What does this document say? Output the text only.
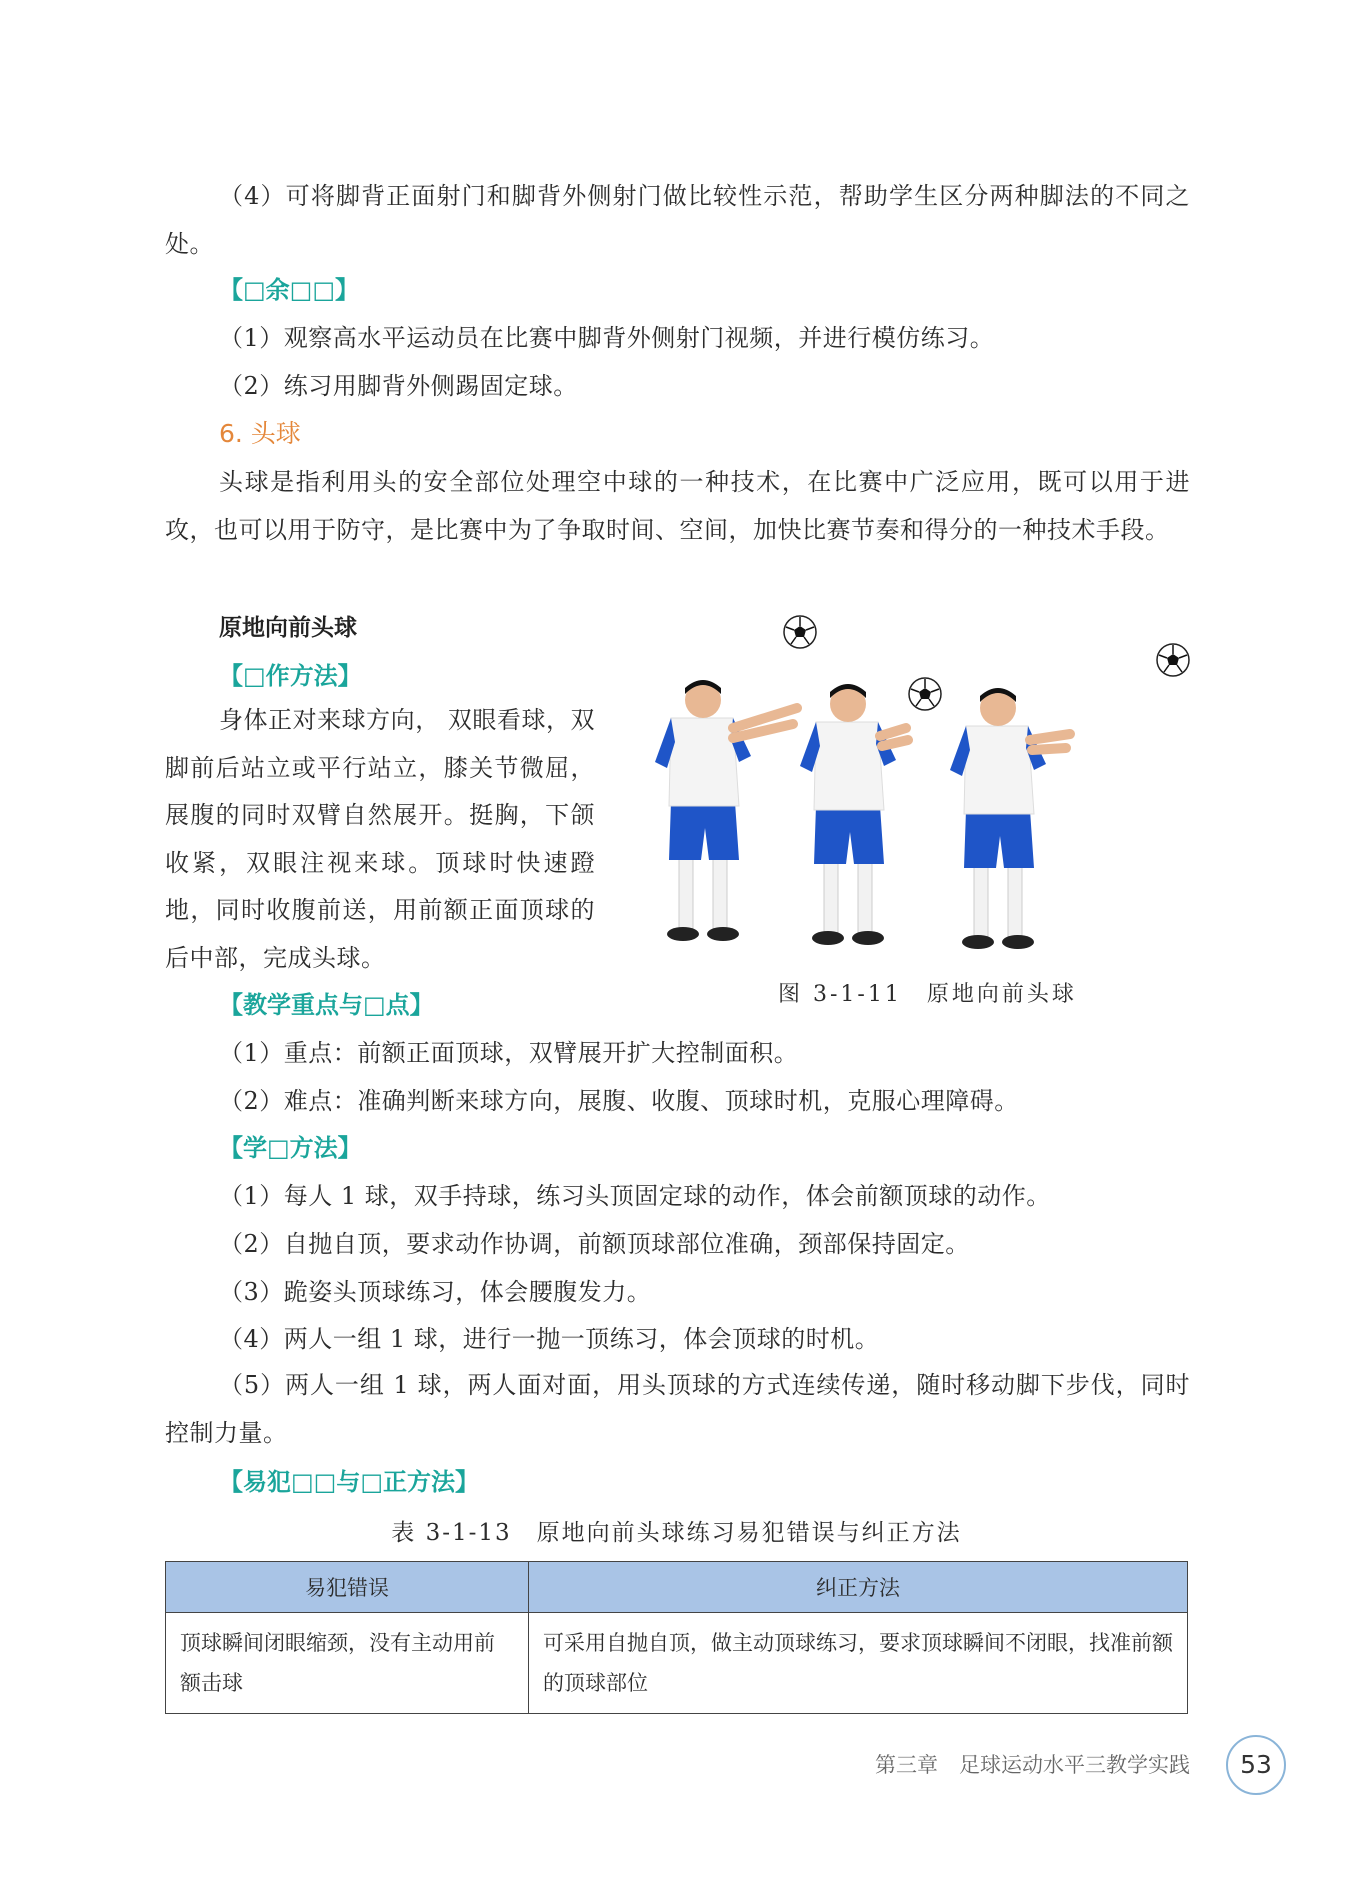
（4）可将脚背正面射门和脚背外侧射门做比较性示范，帮助学生区分两种脚法的不同之处。

【□余□□】

（1）观察高水平运动员在比赛中脚背外侧射门视频，并进行模仿练习。

（2）练习用脚背外侧踢固定球。

6. 头球

头球是指利用头的安全部位处理空中球的一种技术，在比赛中广泛应用，既可以用于进攻，也可以用于防守，是比赛中为了争取时间、空间，加快比赛节奏和得分的一种技术手段。

原地向前头球

【□作方法】

身体正对来球方向， 双眼看球，双脚前后站立或平行站立，膝关节微屈，展腹的同时双臂自然展开。挺胸，下颌收紧，双眼注视来球。顶球时快速蹬地，同时收腹前送，用前额正面顶球的后中部，完成头球。

图 3-1-11　原地向前头球

【教学重点与□点】

（1）重点：前额正面顶球，双臂展开扩大控制面积。

（2）难点：准确判断来球方向，展腹、收腹、顶球时机，克服心理障碍。

【学□方法】

（1）每人 1 球，双手持球，练习头顶固定球的动作，体会前额顶球的动作。

（2）自抛自顶，要求动作协调，前额顶球部位准确，颈部保持固定。

（3）跪姿头顶球练习，体会腰腹发力。

（4）两人一组 1 球，进行一抛一顶练习，体会顶球的时机。

（5）两人一组 1 球，两人面对面，用头顶球的方式连续传递，随时移动脚下步伐，同时控制力量。

【易犯□□与□正方法】

表 3-1-13　原地向前头球练习易犯错误与纠正方法
易犯错误	纠正方法
顶球瞬间闭眼缩颈，没有主动用前额击球	可采用自抛自顶，做主动顶球练习，要求顶球瞬间不闭眼，找准前额的顶球部位
第三章　足球运动水平三教学实践	53
